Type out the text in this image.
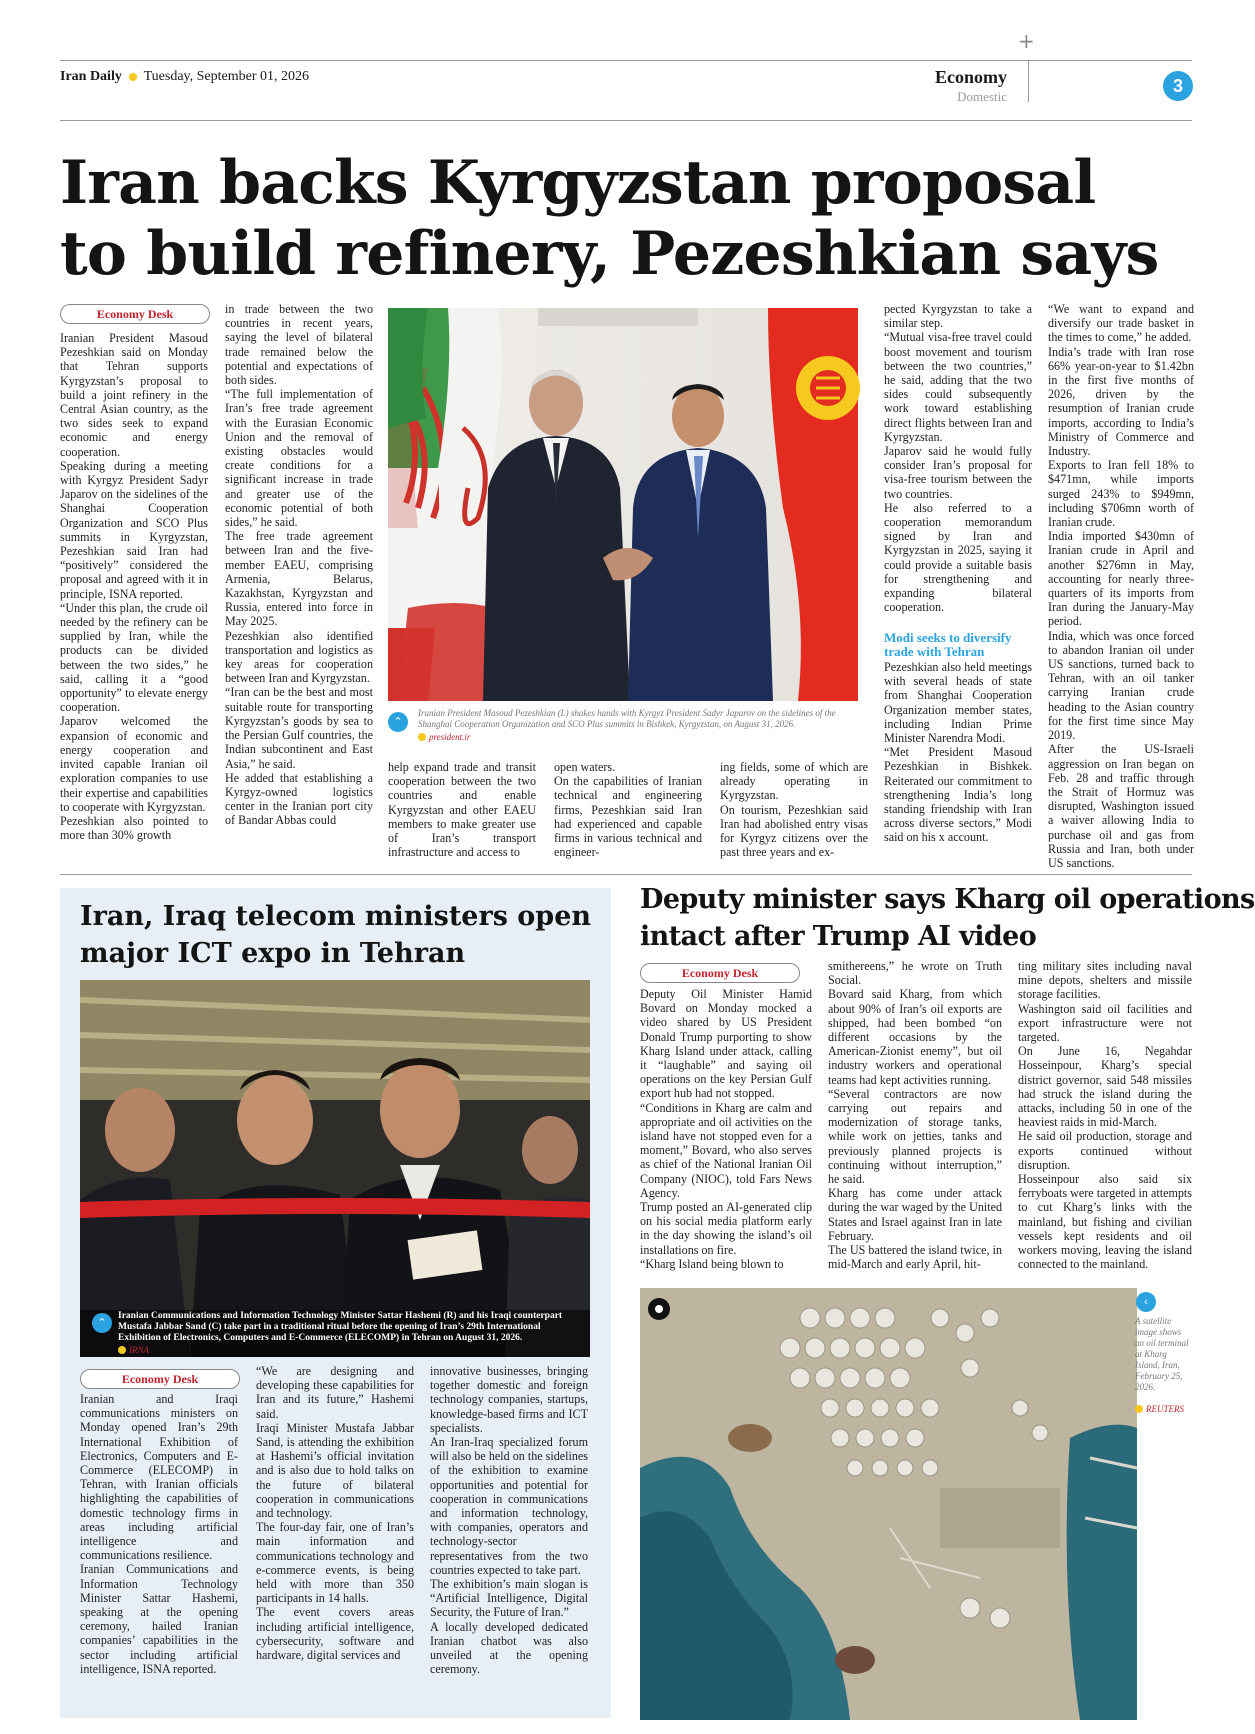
+
Iran Daily Tuesday, September 01, 2026	Economy
Domestic
3
Iran backs Kyrgyzstan proposal
to build refinery, Pezeshkian says
Economy Desk
Iranian President Masoud Pezeshkian said on Monday that Tehran supports Kyrgyzstan’s proposal to build a joint refinery in the Central Asian country, as the two sides seek to expand economic and energy cooperation.
Speaking during a meeting with Kyrgyz President Sadyr Japarov on the sidelines of the Shanghai Cooperation Organization and SCO Plus summits in Kyrgyzstan, Pezeshkian said Iran had “positively” considered the proposal and agreed with it in principle, ISNA reported.
“Under this plan, the crude oil needed by the refinery can be supplied by Iran, while the products can be divided between the two sides,” he said, calling it a “good opportunity” to elevate energy cooperation.
Japarov welcomed the expansion of economic and energy cooperation and invited capable Iranian oil exploration companies to use their expertise and capabilities to cooperate with Kyrgyzstan.
Pezeshkian also pointed to more than 30% growth
in trade between the two countries in recent years, saying the level of bilateral trade remained below the potential and expectations of both sides.
“The full implementation of Iran’s free trade agreement with the Eurasian Economic Union and the removal of existing obstacles would create conditions for a significant increase in trade and greater use of the economic potential of both sides,” he said.
The free trade agreement between Iran and the five-member EAEU, comprising Armenia, Belarus, Kazakhstan, Kyrgyzstan and Russia, entered into force in May 2025.
Pezeshkian also identified transportation and logistics as key areas for cooperation between Iran and Kyrgyzstan.
“Iran can be the best and most suitable route for transporting Kyrgyzstan’s goods by sea to the Persian Gulf countries, the Indian subcontinent and East Asia,” he said.
He added that establishing a Kyrgyz-owned logistics center in the Iranian port city of Bandar Abbas could
⌃
Iranian President Masoud Pezeshkian (L) shakes hands with Kyrgyz President Sadyr Japarov on the sidelines of the Shanghai Cooperation Organization and SCO Plus summits in Bishkek, Kyrgyzstan, on August 31, 2026.
president.ir
help expand trade and transit cooperation between the two countries and enable Kyrgyzstan and other EAEU members to make greater use of Iran’s transport infrastructure and access to
open waters.
On the capabilities of Iranian technical and engineering firms, Pezeshkian said Iran had experienced and capable firms in various technical and engineer-
ing fields, some of which are already operating in Kyrgyzstan.
On tourism, Pezeshkian said Iran had abolished entry visas for Kyrgyz citizens over the past three years and ex-
pected Kyrgyzstan to take a similar step.
“Mutual visa-free travel could boost movement and tourism between the two countries,” he said, adding that the two sides could subsequently work toward establishing direct flights between Iran and Kyrgyzstan.
Japarov said he would fully consider Iran’s proposal for visa-free tourism between the two countries.
He also referred to a cooperation memorandum signed by Iran and Kyrgyzstan in 2025, saying it could provide a suitable basis for strengthening and expanding bilateral cooperation.
Modi seeks to diversify trade with Tehran
Pezeshkian also held meetings with several heads of state from Shanghai Cooperation Organization member states, including Indian Prime Minister Narendra Modi.
“Met President Masoud Pezeshkian in Bishkek. Reiterated our commitment to strengthening India’s long standing friendship with Iran across diverse sectors,” Modi said on his x account.
“We want to expand and diversify our trade basket in the times to come,” he added.
India’s trade with Iran rose 66% year-on-year to $1.42bn in the first five months of 2026, driven by the resumption of Iranian crude imports, according to India’s Ministry of Commerce and Industry.
Exports to Iran fell 18% to $471mn, while imports surged 243% to $949mn, including $706mn worth of Iranian crude.
India imported $430mn of Iranian crude in April and another $276mn in May, accounting for nearly three-quarters of its imports from Iran during the January-May period.
India, which was once forced to abandon Iranian oil under US sanctions, turned back to Tehran, with an oil tanker carrying Iranian crude heading to the Asian country for the first time since May 2019.
After the US-Israeli aggression on Iran began on Feb. 28 and traffic through the Strait of Hormuz was disrupted, Washington issued a waiver allowing India to purchase oil and gas from Russia and Iran, both under US sanctions.
Iran, Iraq telecom ministers open
major ICT expo in Tehran
⌃	Iranian Communications and Information Technology Minister Sattar Hashemi (R) and his Iraqi counterpart Mustafa Jabbar Sand (C) take part in a traditional ritual before the opening of Iran’s 29th International Exhibition of Electronics, Computers and E-Commerce (ELECOMP) in Tehran on August 31, 2026.
IRNA
Economy Desk
Iranian and Iraqi communications ministers on Monday opened Iran’s 29th International Exhibition of Electronics, Computers and E-Commerce (ELECOMP) in Tehran, with Iranian officials highlighting the capabilities of domestic technology firms in areas including artificial intelligence and communications resilience.
Iranian Communications and Information Technology Minister Sattar Hashemi, speaking at the opening ceremony, hailed Iranian companies’ capabilities in the sector including artificial intelligence, ISNA reported.
“We are designing and developing these capabilities for Iran and its future,” Hashemi said.
Iraqi Minister Mustafa Jabbar Sand, is attending the exhibition at Hashemi’s official invitation and is also due to hold talks on the future of bilateral cooperation in communications and technology.
The four-day fair, one of Iran’s main information and communications technology and e-commerce events, is being held with more than 350 participants in 14 halls.
The event covers areas including artificial intelligence, cybersecurity, software and hardware, digital services and
innovative businesses, bringing together domestic and foreign technology companies, startups, knowledge-based firms and ICT specialists.
An Iran-Iraq specialized forum will also be held on the sidelines of the exhibition to examine opportunities and potential for cooperation in communications and information technology, with companies, operators and technology-sector representatives from the two countries expected to take part.
The exhibition’s main slogan is “Artificial Intelligence, Digital Security, the Future of Iran.”
A locally developed dedicated Iranian chatbot was also unveiled at the opening ceremony.
Deputy minister says Kharg oil operations
intact after Trump AI video
Economy Desk
Deputy Oil Minister Hamid Bovard on Monday mocked a video shared by US President Donald Trump purporting to show Kharg Island under attack, calling it “laughable” and saying oil operations on the key Persian Gulf export hub had not stopped.
“Conditions in Kharg are calm and appropriate and oil activities on the island have not stopped even for a moment,” Bovard, who also serves as chief of the National Iranian Oil Company (NIOC), told Fars News Agency.
Trump posted an AI-generated clip on his social media platform early in the day showing the island’s oil installations on fire.
“Kharg Island being blown to
smithereens,” he wrote on Truth Social.
Bovard said Kharg, from which about 90% of Iran’s oil exports are shipped, had been bombed “on different occasions by the American-Zionist enemy”, but oil industry workers and operational teams had kept activities running.
“Several contractors are now carrying out repairs and modernization of storage tanks, while work on jetties, tanks and previously planned projects is continuing without interruption,” he said.
Kharg has come under attack during the war waged by the United States and Israel against Iran in late February.
The US battered the island twice, in mid-March and early April, hit-
ting military sites including naval mine depots, shelters and missile storage facilities.
Washington said oil facilities and export infrastructure were not targeted.
On June 16, Negahdar Hosseinpour, Kharg’s special district governor, said 548 missiles had struck the island during the attacks, including 50 in one of the heaviest raids in mid-March.
He said oil production, storage and exports continued without disruption.
Hosseinpour also said six ferryboats were targeted in attempts to cut Kharg’s links with the mainland, but fishing and civilian vessels kept residents and oil workers moving, leaving the island connected to the mainland.
‹
A satellite image shows an oil terminal at Kharg Island, Iran, February 25, 2026.
REUTERS
